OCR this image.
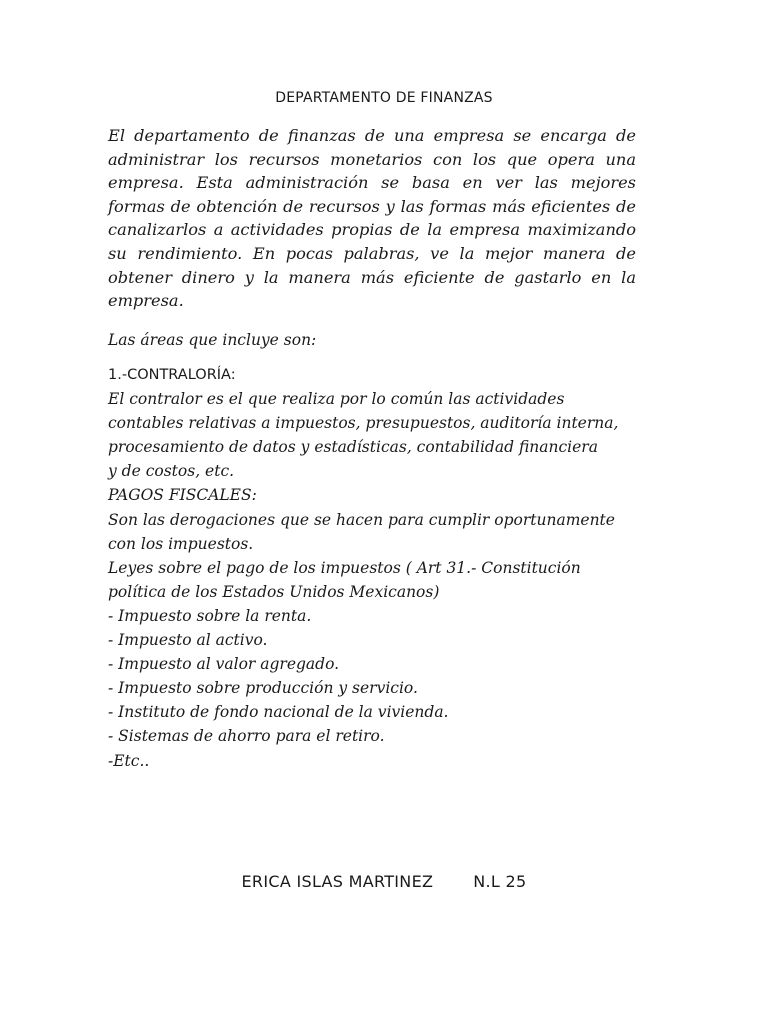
DEPARTAMENTO DE FINANZAS

El departamento de finanzas de una empresa se encarga de administrar los recursos monetarios con los que opera una empresa. Esta administración se basa en ver las mejores formas de obtención de recursos y las formas más eficientes de canalizarlos a actividades propias de la empresa maximizando su rendimiento. En pocas palabras, ve la mejor manera de obtener dinero y la manera más eficiente de gastarlo en la empresa.

Las áreas que incluye son:

1.-CONTRALORÍA:

El contralor es el que realiza por lo común las actividades

contables relativas a impuestos, presupuestos, auditoría interna,

procesamiento de datos y estadísticas, contabilidad financiera

y de costos, etc.

PAGOS FISCALES:

Son las derogaciones que se hacen para cumplir oportunamente

con los impuestos.

Leyes sobre el pago de los impuestos ( Art 31.- Constitución

política de los Estados Unidos Mexicanos)

- Impuesto sobre la renta.

- Impuesto al activo.

- Impuesto al valor agregado.

- Impuesto sobre producción y servicio.

- Instituto de fondo nacional de la vivienda.

- Sistemas de ahorro para el retiro.

-Etc..

ERICA ISLAS MARTINEZ	N.L 25
